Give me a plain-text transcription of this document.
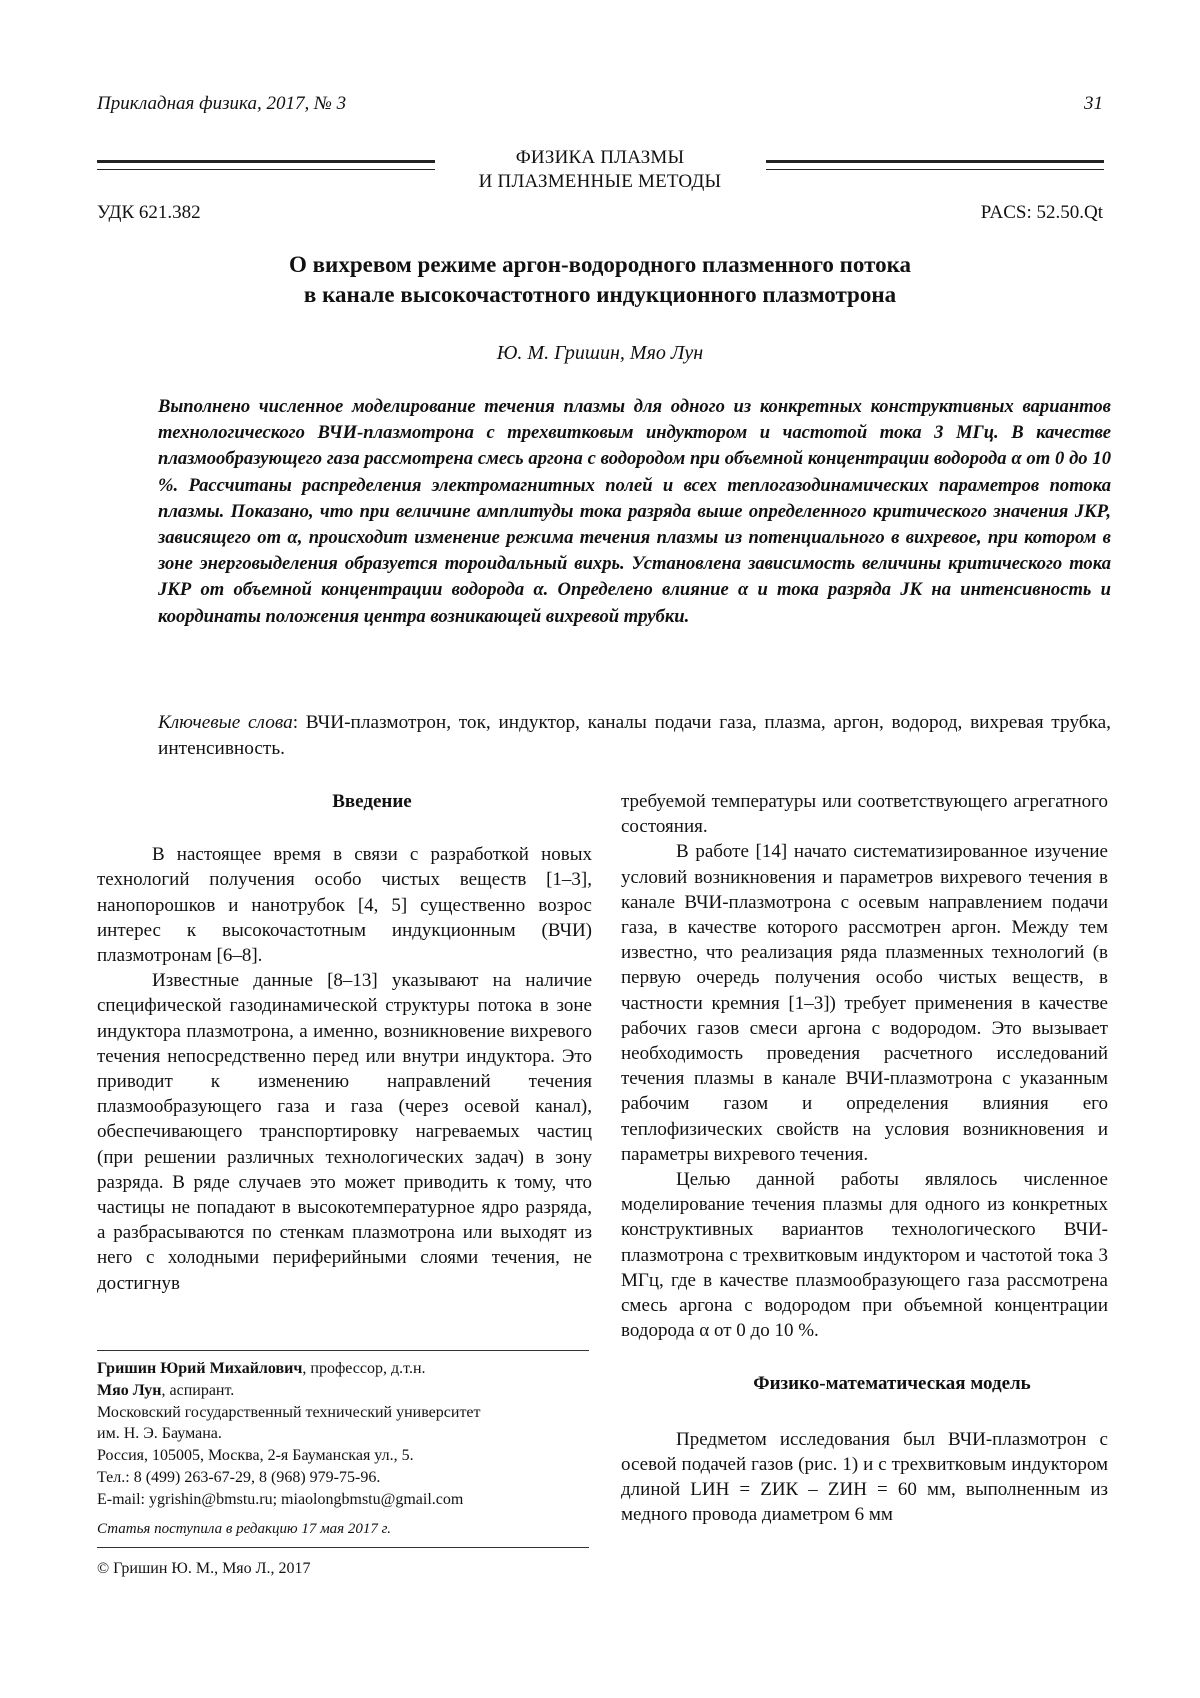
Прикладная физика, 2017, № 3	31
ФИЗИКА ПЛАЗМЫ
И ПЛАЗМЕННЫЕ МЕТОДЫ
УДК 621.382	PACS: 52.50.Qt
О вихревом режиме аргон-водородного плазменного потока
в канале высокочастотного индукционного плазмотрона
Ю. М. Гришин, Мяо Лун
Выполнено численное моделирование течения плазмы для одного из конкретных конструктивных вариантов технологического ВЧИ-плазмотрона с трехвитковым индуктором и частотой тока 3 МГц. В качестве плазмообразующего газа рассмотрена смесь аргона с водородом при объемной концентрации водорода α от 0 до 10 %. Рассчитаны распределения электромагнитных полей и всех теплогазодинамических параметров потока плазмы. Показано, что при величине амплитуды тока разряда выше определенного критического значения JКР, зависящего от α, происходит изменение режима течения плазмы из потенциального в вихревое, при котором в зоне энерговыделения образуется тороидальный вихрь. Установлена зависимость величины критического тока JКР от объемной концентрации водорода α. Определено влияние α и тока разряда JК на интенсивность и координаты положения центра возникающей вихревой трубки.
Ключевые слова: ВЧИ-плазмотрон, ток, индуктор, каналы подачи газа, плазма, аргон, водород, вихревая трубка, интенсивность.

Введение

В настоящее время в связи с разработкой новых технологий получения особо чистых веществ [1–3], нанопорошков и нанотрубок [4, 5] существенно возрос интерес к высокочастотным индукционным (ВЧИ) плазмотронам [6–8].

Известные данные [8–13] указывают на наличие специфической газодинамической структуры потока в зоне индуктора плазмотрона, а именно, возникновение вихревого течения непосредственно перед или внутри индуктора. Это приводит к изменению направлений течения плазмообразующего газа и газа (через осевой канал), обеспечивающего транспортировку нагреваемых частиц (при решении различных технологических задач) в зону разряда. В ряде случаев это может приводить к тому, что частицы не попадают в высокотемпературное ядро разряда, а разбрасываются по стенкам плазмотрона или выходят из него с холодными периферийными слоями течения, не достигнув

требуемой температуры или соответствующего агрегатного состояния.

В работе [14] начато систематизированное изучение условий возникновения и параметров вихревого течения в канале ВЧИ-плазмотрона с осевым направлением подачи газа, в качестве которого рассмотрен аргон. Между тем известно, что реализация ряда плазменных технологий (в первую очередь получения особо чистых веществ, в частности кремния [1–3]) требует применения в качестве рабочих газов смеси аргона с водородом. Это вызывает необходимость проведения расчетного исследований течения плазмы в канале ВЧИ-плазмотрона с указанным рабочим газом и определения влияния его теплофизических свойств на условия возникновения и параметры вихревого течения.

Целью данной работы являлось численное моделирование течения плазмы для одного из конкретных конструктивных вариантов технологического ВЧИ-плазмотрона с трехвитковым индуктором и частотой тока 3 МГц, где в качестве плазмообразующего газа рассмотрена смесь аргона с водородом при объемной концентрации водорода α от 0 до 10 %.

Физико-математическая модель

Предметом исследования был ВЧИ-плазмотрон с осевой подачей газов (рис. 1) и с трехвитковым индуктором длиной LИН = ZИК – ZИН = 60 мм, выполненным из медного провода диаметром 6 мм

Гришин Юрий Михайлович, профессор, д.т.н.

Мяо Лун, аспирант.

Московский государственный технический университет

им. Н. Э. Баумана.

Россия, 105005, Москва, 2-я Бауманская ул., 5.

Тел.: 8 (499) 263-67-29, 8 (968) 979-75-96.

E-mail: ygrishin@bmstu.ru; miaolongbmstu@gmail.com

Статья поступила в редакцию 17 мая 2017 г.
© Гришин Ю. М., Мяо Л., 2017
